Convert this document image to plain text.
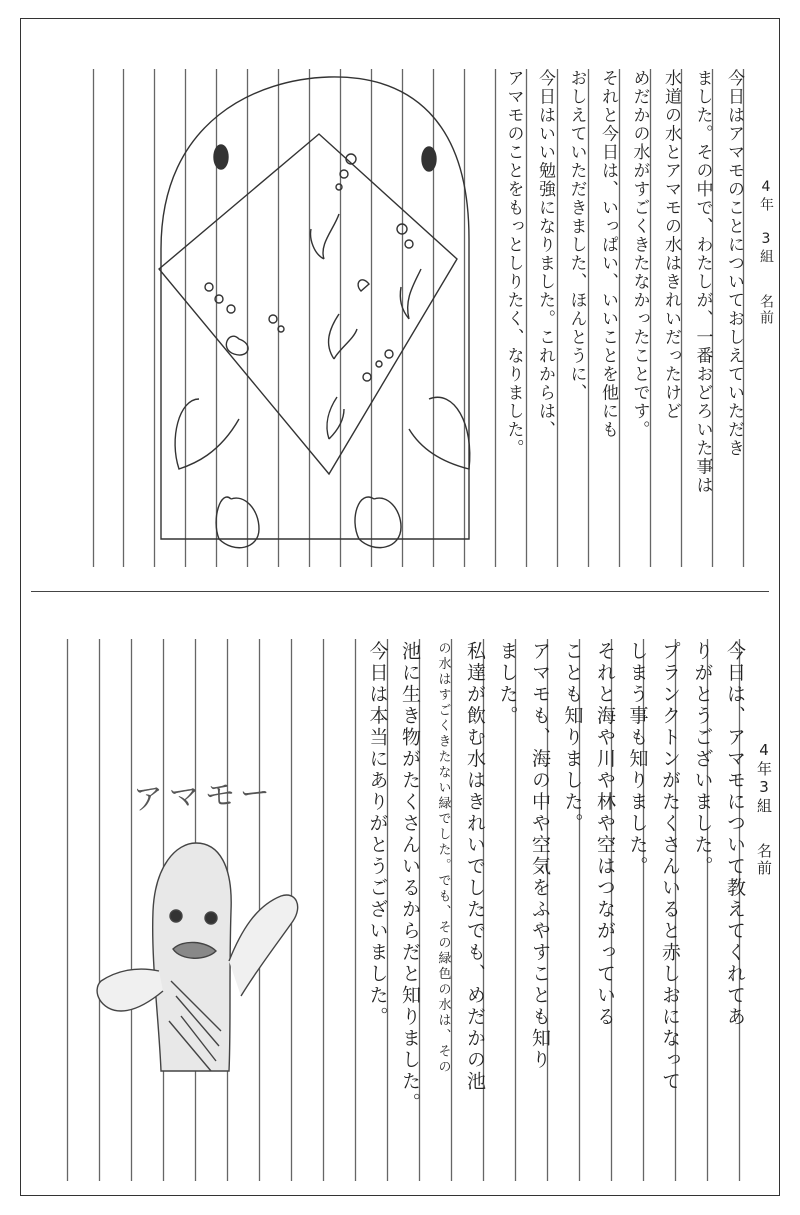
4年 3組
名前

今日はアマモのことについておしえていただき

ました。その中で、わたしが、一番おどろいた事は

水道の水とアマモの水はきれいだったけど

めだかの水がすごくきたなかったことです。

それと今日は、いっぱい、いいことを他にも

おしえていただきました、ほんとうに、

今日はいい勉強になりました。これからは、

アマモのことをもっとしりたく、なりました。

4年3組
名前

今日は、アマモについて教えてくれてあ

りがとうございました。

プランクトンがたくさんいると赤しおになって

しまう事も知りました。

それと海や川や林や空はつながっている

ことも知りました。

アマモも、海の中や空気をふやすことも知り

ました。

私達が飲む水はきれいでしたでも、めだかの池

の水はすごくきたない緑でした。でも、その緑色の水は、その

池に生き物がたくさんいるからだと知りました。

今日は本当にありがとうございました。

アマモー
